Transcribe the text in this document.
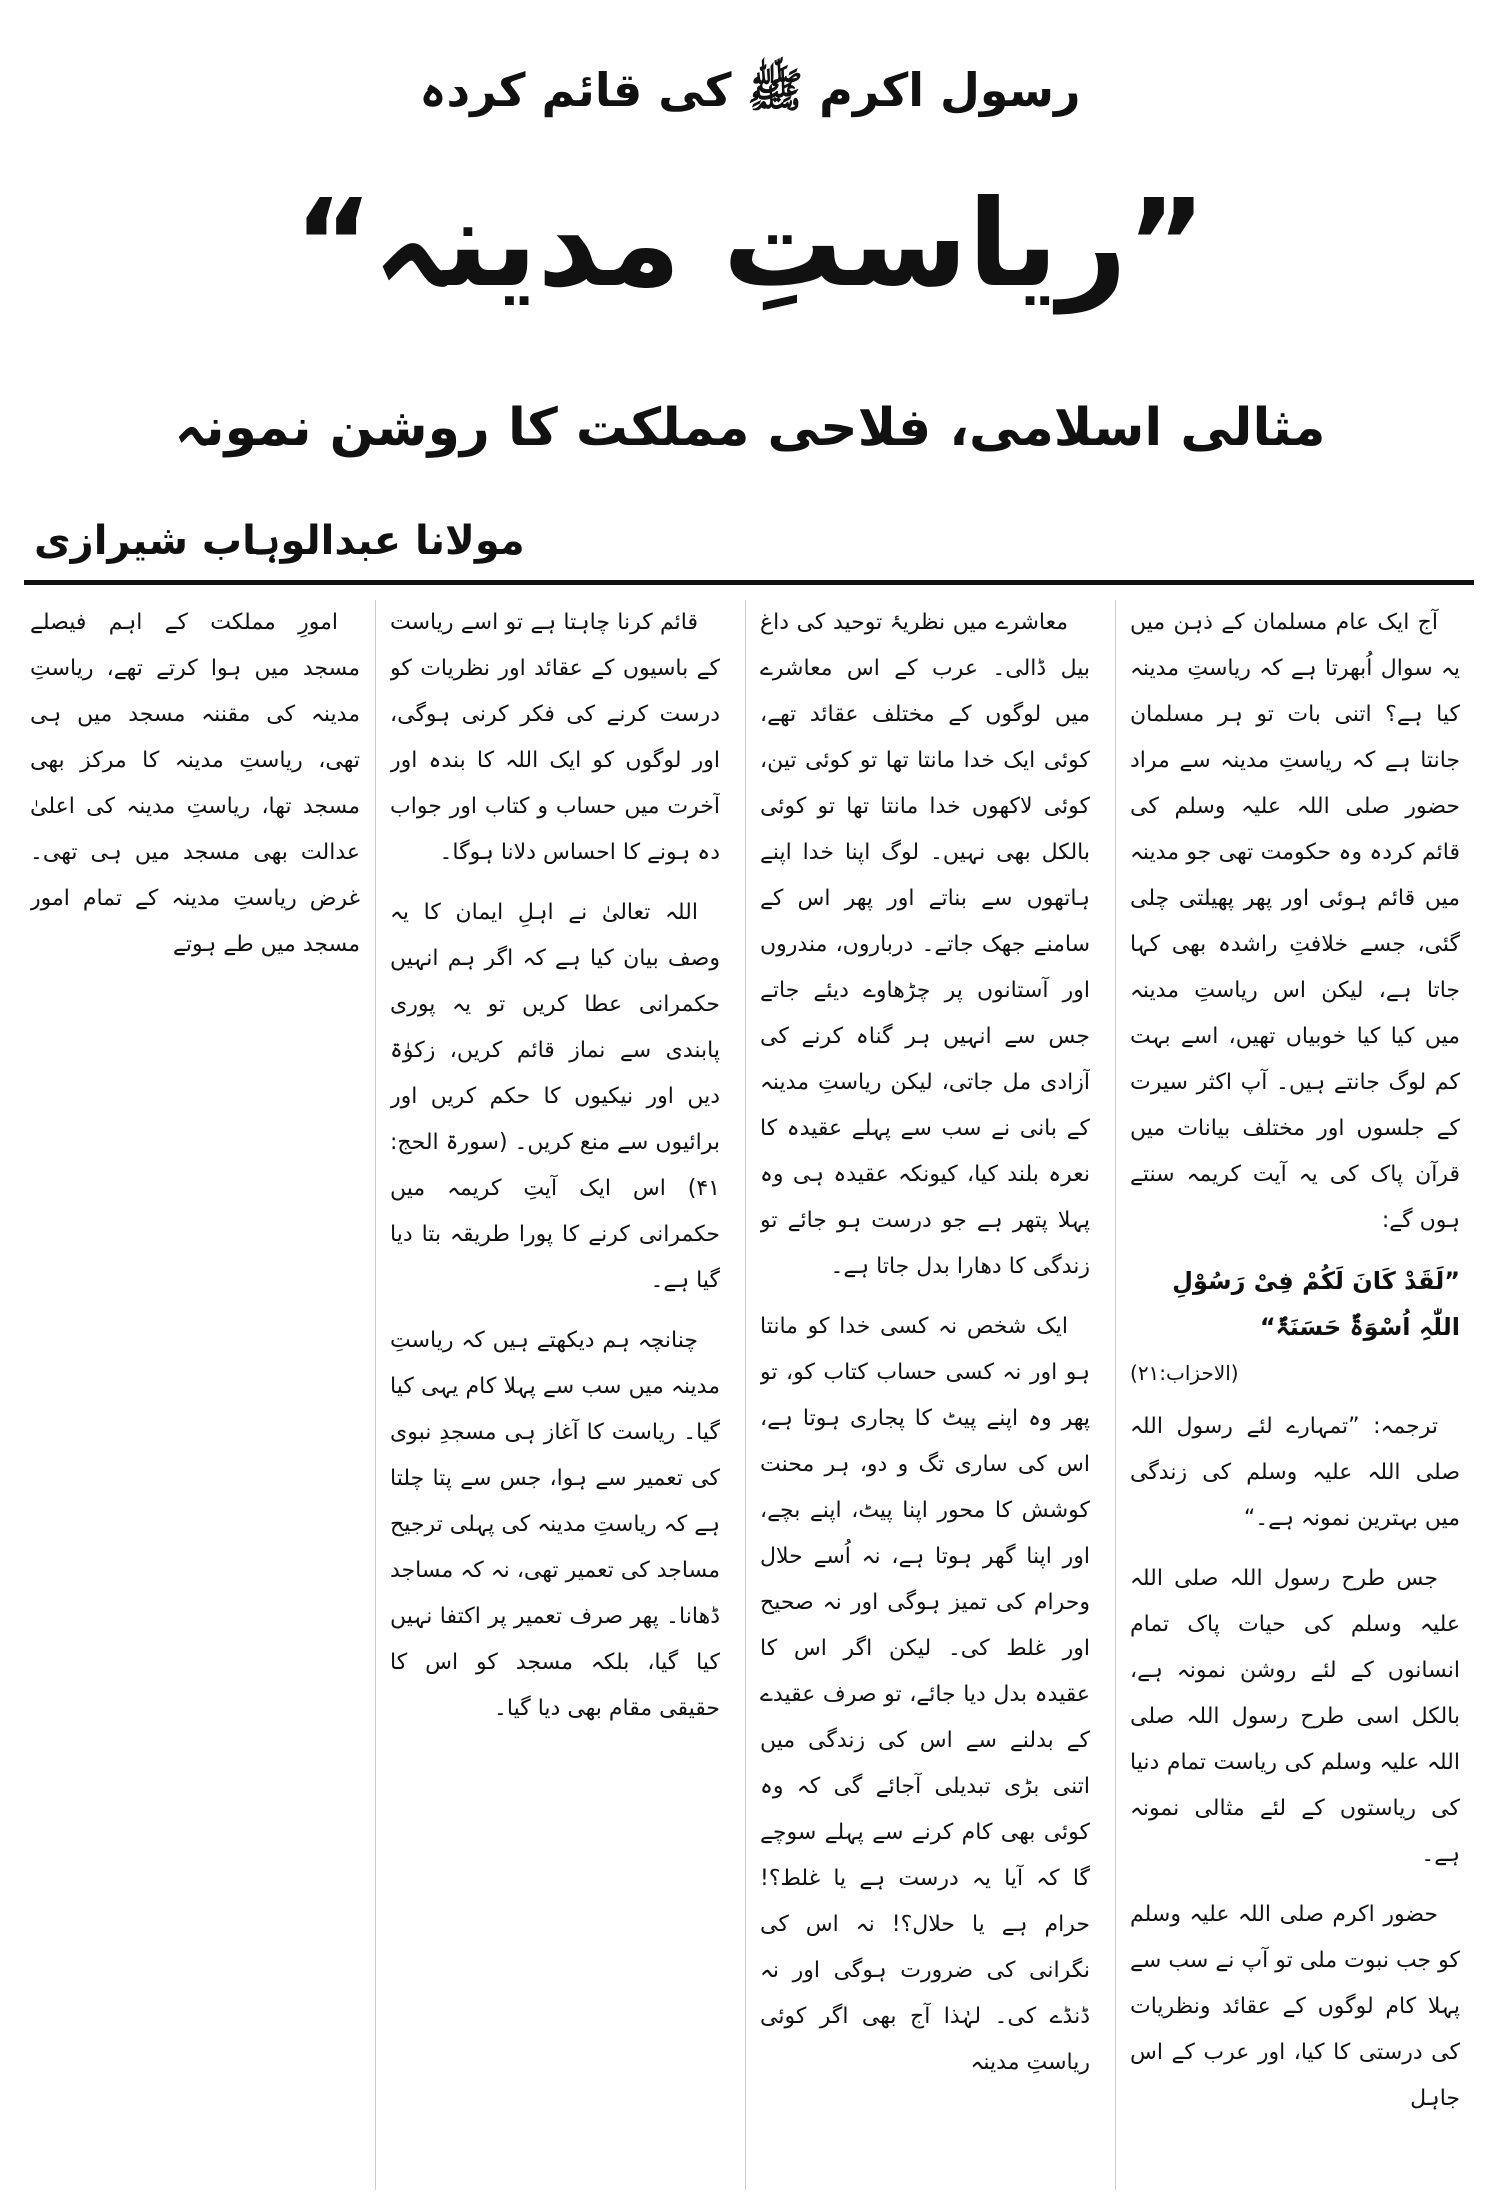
رسول اکرم ﷺ کی قائم کردہ
”ریاستِ مدینہ“
مثالی اسلامی، فلاحی مملکت کا روشن نمونہ
مولانا عبدالوہاب شیرازی

آج ایک عام مسلمان کے ذہن میں یہ سوال اُبھرتا ہے کہ ریاستِ مدینہ کیا ہے؟ اتنی بات تو ہر مسلمان جانتا ہے کہ ریاستِ مدینہ سے مراد حضور صلی اللہ علیہ وسلم کی قائم کردہ وہ حکومت تھی جو مدینہ میں قائم ہوئی اور پھر پھیلتی چلی گئی، جسے خلافتِ راشدہ بھی کہا جاتا ہے، لیکن اس ریاستِ مدینہ میں کیا کیا خوبیاں تھیں، اسے بہت کم لوگ جانتے ہیں۔ آپ اکثر سیرت کے جلسوں اور مختلف بیانات میں قرآن پاک کی یہ آیت کریمہ سنتے ہوں گے:

”لَقَدْ کَانَ لَکُمْ فِیْ رَسُوْلِ اللّٰہِ اُسْوَۃٌ حَسَنَۃٌ“

(الاحزاب:۲۱)

ترجمہ: ”تمہارے لئے رسول اللہ صلی اللہ علیہ وسلم کی زندگی میں بہترین نمونہ ہے۔“

جس طرح رسول اللہ صلی اللہ علیہ وسلم کی حیات پاک تمام انسانوں کے لئے روشن نمونہ ہے، بالکل اسی طرح رسول اللہ صلی اللہ علیہ وسلم کی ریاست تمام دنیا کی ریاستوں کے لئے مثالی نمونہ ہے۔

حضور اکرم صلی اللہ علیہ وسلم کو جب نبوت ملی تو آپ نے سب سے پہلا کام لوگوں کے عقائد ونظریات کی درستی کا کیا، اور عرب کے اس جاہل

معاشرے میں نظریۂ توحید کی داغ بیل ڈالی۔ عرب کے اس معاشرے میں لوگوں کے مختلف عقائد تھے، کوئی ایک خدا مانتا تھا تو کوئی تین، کوئی لاکھوں خدا مانتا تھا تو کوئی بالکل بھی نہیں۔ لوگ اپنا خدا اپنے ہاتھوں سے بناتے اور پھر اس کے سامنے جھک جاتے۔ درباروں، مندروں اور آستانوں پر چڑھاوے دیئے جاتے جس سے انہیں ہر گناہ کرنے کی آزادی مل جاتی، لیکن ریاستِ مدینہ کے بانی نے سب سے پہلے عقیدہ کا نعرہ بلند کیا، کیونکہ عقیدہ ہی وہ پہلا پتھر ہے جو درست ہو جائے تو زندگی کا دھارا بدل جاتا ہے۔

ایک شخص نہ کسی خدا کو مانتا ہو اور نہ کسی حساب کتاب کو، تو پھر وہ اپنے پیٹ کا پجاری ہوتا ہے، اس کی ساری تگ و دو، ہر محنت کوشش کا محور اپنا پیٹ، اپنے بچے، اور اپنا گھر ہوتا ہے، نہ اُسے حلال وحرام کی تمیز ہوگی اور نہ صحیح اور غلط کی۔ لیکن اگر اس کا عقیدہ بدل دیا جائے، تو صرف عقیدے کے بدلنے سے اس کی زندگی میں اتنی بڑی تبدیلی آجائے گی کہ وہ کوئی بھی کام کرنے سے پہلے سوچے گا کہ آیا یہ درست ہے یا غلط؟! حرام ہے یا حلال؟! نہ اس کی نگرانی کی ضرورت ہوگی اور نہ ڈنڈے کی۔ لہٰذا آج بھی اگر کوئی ریاستِ مدینہ

قائم کرنا چاہتا ہے تو اسے ریاست کے باسیوں کے عقائد اور نظریات کو درست کرنے کی فکر کرنی ہوگی، اور لوگوں کو ایک اللہ کا بندہ اور آخرت میں حساب و کتاب اور جواب دہ ہونے کا احساس دلانا ہوگا۔

اللہ تعالیٰ نے اہلِ ایمان کا یہ وصف بیان کیا ہے کہ اگر ہم انہیں حکمرانی عطا کریں تو یہ پوری پابندی سے نماز قائم کریں، زکوٰۃ دیں اور نیکیوں کا حکم کریں اور برائیوں سے منع کریں۔ (سورۃ الحج: ۴۱) اس ایک آیتِ کریمہ میں حکمرانی کرنے کا پورا طریقہ بتا دیا گیا ہے۔

چنانچہ ہم دیکھتے ہیں کہ ریاستِ مدینہ میں سب سے پہلا کام یہی کیا گیا۔ ریاست کا آغاز ہی مسجدِ نبوی کی تعمیر سے ہوا، جس سے پتا چلتا ہے کہ ریاستِ مدینہ کی پہلی ترجیح مساجد کی تعمیر تھی، نہ کہ مساجد ڈھانا۔ پھر صرف تعمیر پر اکتفا نہیں کیا گیا، بلکہ مسجد کو اس کا حقیقی مقام بھی دیا گیا۔

امورِ مملکت کے اہم فیصلے مسجد میں ہوا کرتے تھے، ریاستِ مدینہ کی مقننہ مسجد میں ہی تھی، ریاستِ مدینہ کا مرکز بھی مسجد تھا، ریاستِ مدینہ کی اعلیٰ عدالت بھی مسجد میں ہی تھی۔ غرض ریاستِ مدینہ کے تمام امور مسجد میں طے ہوتے
